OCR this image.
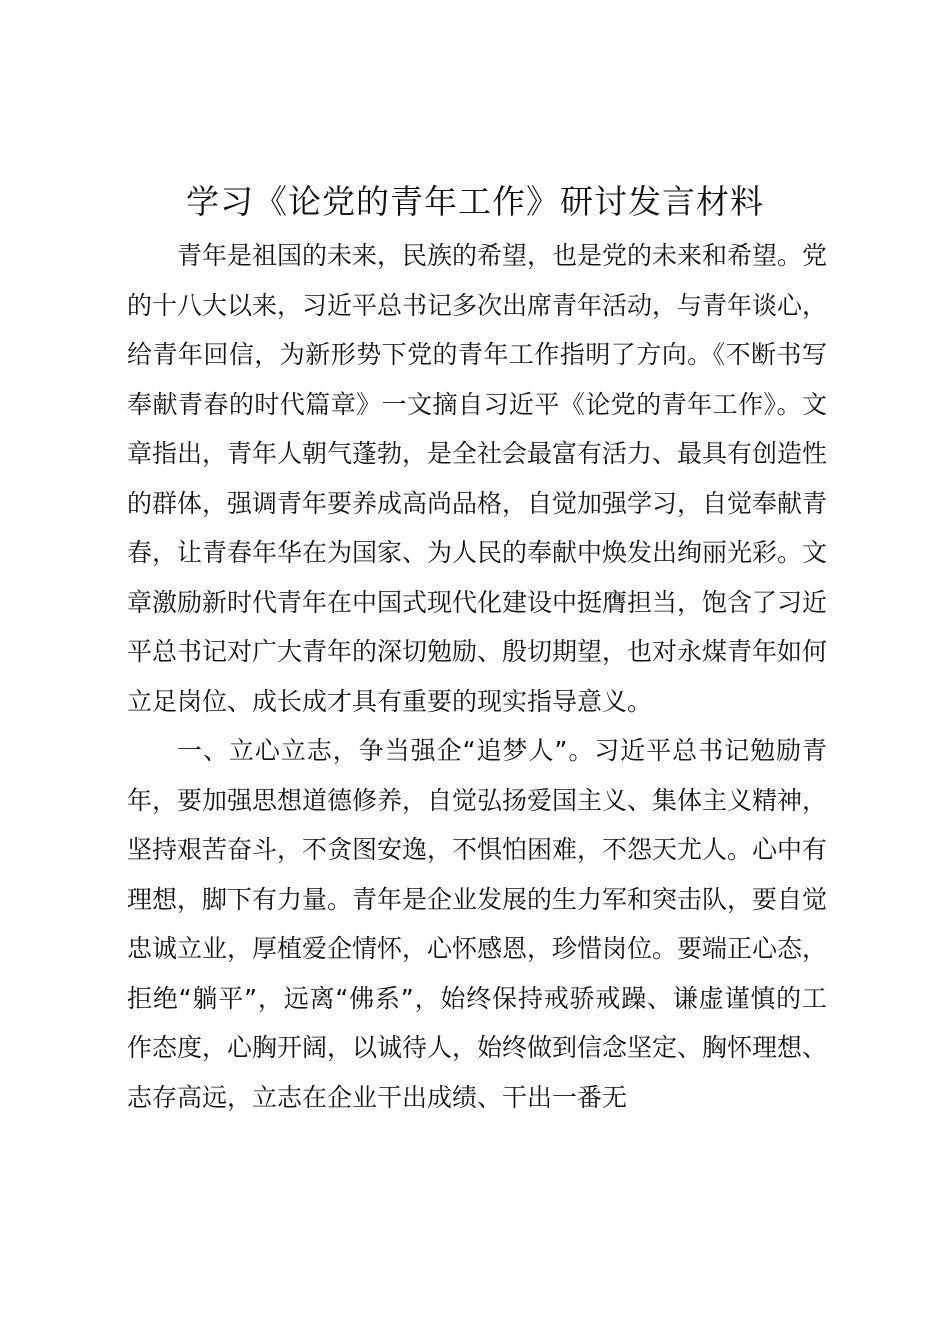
学习《论党的青年工作》研讨发言材料

青年是祖国的未来，民族的希望，也是党的未来和希望。党的十八大以来，习近平总书记多次出席青年活动，与青年谈心，给青年回信，为新形势下党的青年工作指明了方向。《不断书写奉献青春的时代篇章》一文摘自习近平《论党的青年工作》。文章指出，青年人朝气蓬勃，是全社会最富有活力、最具有创造性的群体，强调青年要养成高尚品格，自觉加强学习，自觉奉献青春，让青春年华在为国家、为人民的奉献中焕发出绚丽光彩。文章激励新时代青年在中国式现代化建设中挺膺担当，饱含了习近平总书记对广大青年的深切勉励、殷切期望，也对永煤青年如何立足岗位、成长成才具有重要的现实指导意义。

一、立心立志，争当强企“追梦人”。习近平总书记勉励青年，要加强思想道德修养，自觉弘扬爱国主义、集体主义精神，坚持艰苦奋斗，不贪图安逸，不惧怕困难，不怨天尤人。心中有理想，脚下有力量。青年是企业发展的生力军和突击队，要自觉忠诚立业，厚植爱企情怀，心怀感恩，珍惜岗位。要端正心态，拒绝“躺平”，远离“佛系”，始终保持戒骄戒躁、谦虚谨慎的工作态度，心胸开阔，以诚待人，始终做到信念坚定、胸怀理想、志存高远，立志在企业干出成绩、干出一番无
